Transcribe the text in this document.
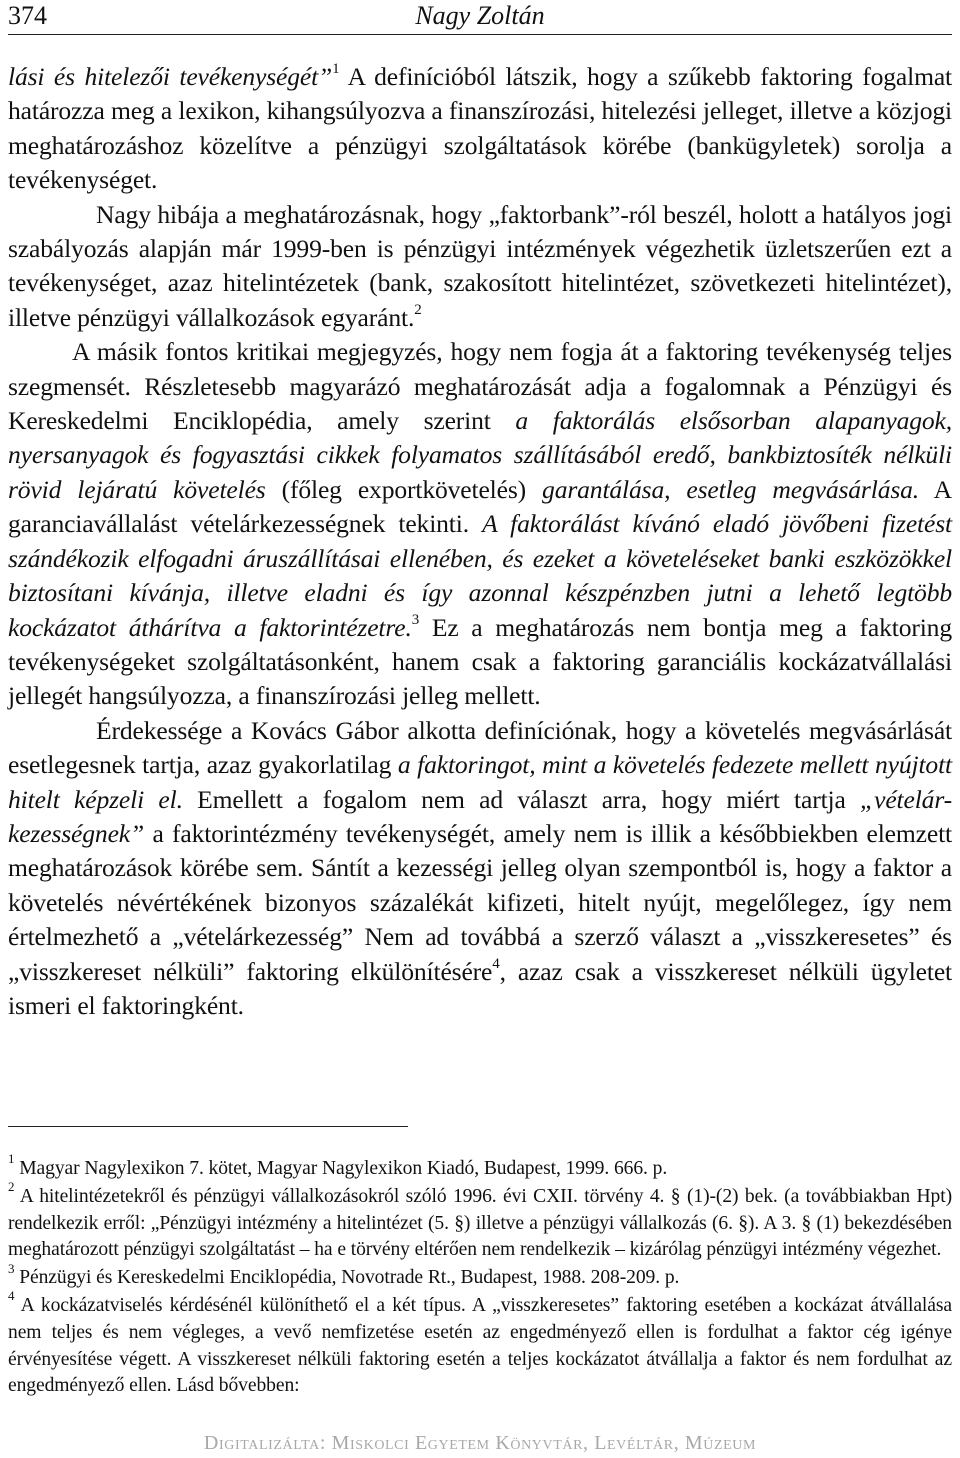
374	Nagy Zoltán

lási és hitelezői tevékenységét”$^1$ A definícióból látszik, hogy a szűkebb faktoring fogalmat határozza meg a lexikon, kihangsúlyozva a finanszírozási, hitelezési jelleget, illetve a közjogi meghatározáshoz közelítve a pénzügyi szolgáltatások körébe (bankügyletek) sorolja a tevékenységet.

Nagy hibája a meghatározásnak, hogy „faktorbank”-ról beszél, holott a hatályos jogi szabályozás alapján már 1999-ben is pénzügyi intézmények végezhetik üzletszerűen ezt a tevékenységet, azaz hitelintézetek (bank, szakosított hitelintézet, szövetkezeti hitelintézet), illetve pénzügyi vállalkozások egyaránt.$^2$

A másik fontos kritikai megjegyzés, hogy nem fogja át a faktoring tevékenység teljes szegmensét. Részletesebb magyarázó meghatározását adja a fogalomnak a Pénzügyi és Kereskedelmi Enciklopédia, amely szerint a faktorálás elsősorban alapanyagok, nyersanyagok és fogyasztási cikkek folyamatos szállításából eredő, bankbiztosíték nélküli rövid lejáratú követelés (főleg exportkövetelés) garantálása, esetleg megvásárlása. A garanciavállalást vételárkezességnek tekinti. A faktorálást kívánó eladó jövőbeni fizetést szándékozik elfogadni áruszállításai ellenében, és ezeket a követeléseket banki eszközökkel biztosítani kívánja, illetve eladni és így azonnal készpénzben jutni a lehető legtöbb kockázatot áthárítva a faktorintézetre.$^3$ Ez a meghatározás nem bontja meg a faktoring tevékenységeket szolgáltatásonként, hanem csak a faktoring garanciális kockázatvállalási jellegét hangsúlyozza, a finanszírozási jelleg mellett.

Érdekessége a Kovács Gábor alkotta definíciónak, hogy a követelés megvásárlását esetlegesnek tartja, azaz gyakorlatilag a faktoringot, mint a követelés fedezete mellett nyújtott hitelt képzeli el. Emellett a fogalom nem ad választ arra, hogy miért tartja „vételár-kezességnek” a faktorintézmény tevékenységét, amely nem is illik a későbbiekben elemzett meghatározások körébe sem. Sántít a kezességi jelleg olyan szempontból is, hogy a faktor a követelés névértékének bizonyos százalékát kifizeti, hitelt nyújt, megelőlegez, így nem értelmezhető a „vételárkezesség” Nem ad továbbá a szerző választ a „visszkeresetes” és „visszkereset nélküli” faktoring elkülönítésére$^4$, azaz csak a visszkereset nélküli ügyletet ismeri el faktoringként.

$^1$ Magyar Nagylexikon 7. kötet, Magyar Nagylexikon Kiadó, Budapest, 1999. 666. p.

$^2$ A hitelintézetekről és pénzügyi vállalkozásokról szóló 1996. évi CXII. törvény 4. § (1)-(2) bek. (a továbbiakban Hpt) rendelkezik erről: „Pénzügyi intézmény a hitelintézet (5. §) illetve a pénzügyi vállalkozás (6. §). A 3. § (1) bekezdésében meghatározott pénzügyi szolgáltatást – ha e törvény eltérően nem rendelkezik – kizárólag pénzügyi intézmény végezhet.

$^3$ Pénzügyi és Kereskedelmi Enciklopédia, Novotrade Rt., Budapest, 1988. 208-209. p.

$^4$ A kockázatviselés kérdésénél különíthető el a két típus. A „visszkeresetes” faktoring esetében a kockázat átvállalása nem teljes és nem végleges, a vevő nemfizetése esetén az engedményező ellen is fordulhat a faktor cég igénye érvényesítése végett. A visszkereset nélküli faktoring esetén a teljes kockázatot átvállalja a faktor és nem fordulhat az engedményező ellen. Lásd bővebben:

Digitalizálta: Miskolci Egyetem Könyvtár, Levéltár, Múzeum
